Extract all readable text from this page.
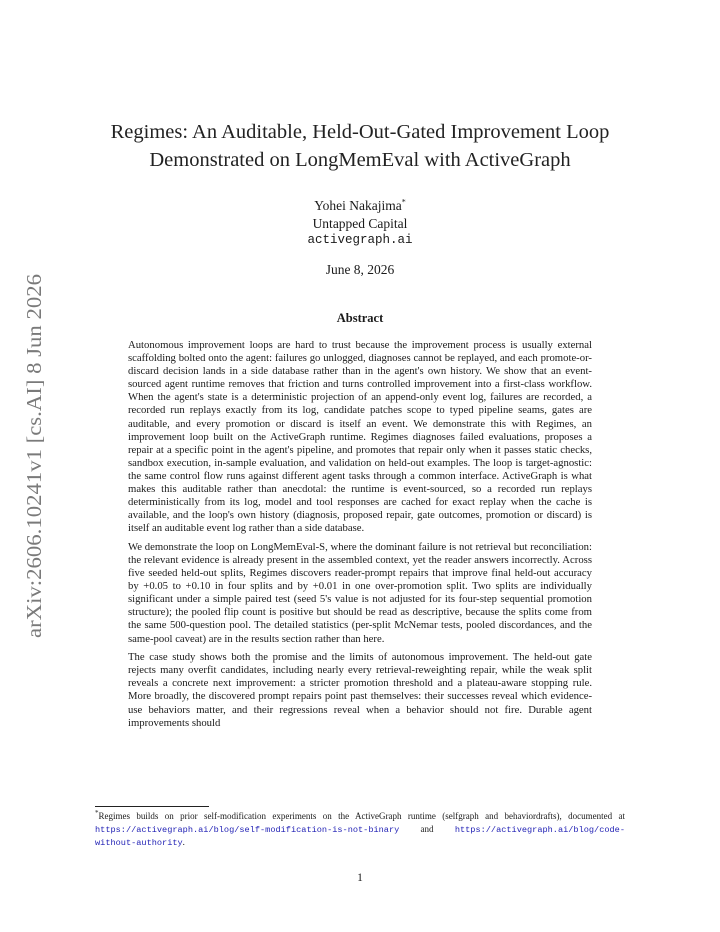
arXiv:2606.10241v1 [cs.AI] 8 Jun 2026
Regimes: An Auditable, Held-Out-Gated Improvement Loop
Demonstrated on LongMemEval with ActiveGraph
Yohei Nakajima*
Untapped Capital
activegraph.ai
June 8, 2026
Abstract

Autonomous improvement loops are hard to trust because the improvement process is usually external scaffolding bolted onto the agent: failures go unlogged, diagnoses cannot be replayed, and each promote-or-discard decision lands in a side database rather than in the agent's own history. We show that an event-sourced agent runtime removes that friction and turns controlled improvement into a first-class workflow. When the agent's state is a deterministic projection of an append-only event log, failures are recorded, a recorded run replays exactly from its log, candidate patches scope to typed pipeline seams, gates are auditable, and every promotion or discard is itself an event. We demonstrate this with Regimes, an improvement loop built on the ActiveGraph runtime. Regimes diagnoses failed evaluations, proposes a repair at a specific point in the agent's pipeline, and promotes that repair only when it passes static checks, sandbox execution, in-sample evaluation, and validation on held-out examples. The loop is target-agnostic: the same control flow runs against different agent tasks through a common interface. ActiveGraph is what makes this auditable rather than anecdotal: the runtime is event-sourced, so a recorded run replays deterministically from its log, model and tool responses are cached for exact replay when the cache is available, and the loop's own history (diagnosis, proposed repair, gate outcomes, promotion or discard) is itself an auditable event log rather than a side database.

We demonstrate the loop on LongMemEval-S, where the dominant failure is not retrieval but reconciliation: the relevant evidence is already present in the assembled context, yet the reader answers incorrectly. Across five seeded held-out splits, Regimes discovers reader-prompt repairs that improve final held-out accuracy by +0.05 to +0.10 in four splits and by +0.01 in one over-promotion split. Two splits are individually significant under a simple paired test (seed 5's value is not adjusted for its four-step sequential promotion structure); the pooled flip count is positive but should be read as descriptive, because the splits come from the same 500-question pool. The detailed statistics (per-split McNemar tests, pooled discordances, and the same-pool caveat) are in the results section rather than here.

The case study shows both the promise and the limits of autonomous improvement. The held-out gate rejects many overfit candidates, including nearly every retrieval-reweighting repair, while the weak split reveals a concrete next improvement: a stricter promotion threshold and a plateau-aware stopping rule. More broadly, the discovered prompt repairs point past themselves: their successes reveal which evidence-use behaviors matter, and their regressions reveal when a behavior should not fire. Durable agent improvements should

*Regimes builds on prior self-modification experiments on the ActiveGraph runtime (selfgraph and behaviordrafts), documented at https://activegraph.ai/blog/self-modification-is-not-binary and https://activegraph.ai/blog/code-without-authority.
1
